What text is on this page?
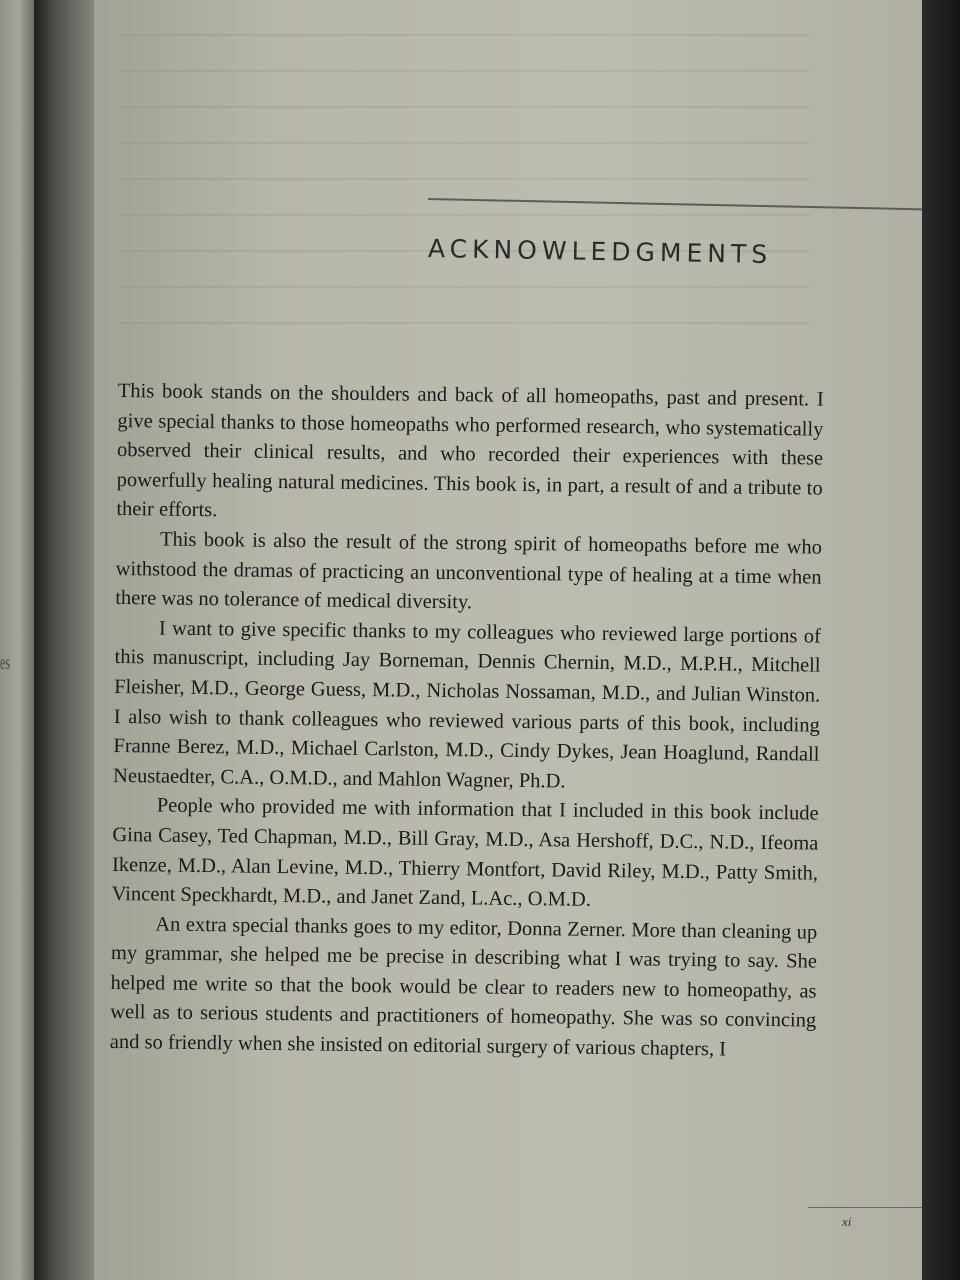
es
ACKNOWLEDGMENTS

This book stands on the shoulders and back of all homeopaths, past and present. I give special thanks to those homeopaths who performed research, who systematically observed their clinical results, and who recorded their experiences with these powerfully healing natural medicines. This book is, in part, a result of and a tribute to their efforts.

This book is also the result of the strong spirit of homeopaths before me who withstood the dramas of practicing an unconventional type of healing at a time when there was no tolerance of medical diversity.

I want to give specific thanks to my colleagues who reviewed large portions of this manuscript, including Jay Borneman, Dennis Chernin, M.D., M.P.H., Mitchell Fleisher, M.D., George Guess, M.D., Nicholas Nossaman, M.D., and Julian Winston. I also wish to thank colleagues who reviewed various parts of this book, including Franne Berez, M.D., Michael Carlston, M.D., Cindy Dykes, Jean Hoaglund, Randall Neustaedter, C.A., O.M.D., and Mahlon Wagner, Ph.D.

People who provided me with information that I included in this book include Gina Casey, Ted Chapman, M.D., Bill Gray, M.D., Asa Hershoff, D.C., N.D., Ifeoma Ikenze, M.D., Alan Levine, M.D., Thierry Montfort, David Riley, M.D., Patty Smith, Vincent Speckhardt, M.D., and Janet Zand, L.Ac., O.M.D.

An extra special thanks goes to my editor, Donna Zerner. More than cleaning up my grammar, she helped me be precise in describing what I was trying to say. She helped me write so that the book would be clear to readers new to homeopathy, as well as to serious students and practitioners of homeopathy. She was so convincing and so friendly when she insisted on editorial surgery of various chapters, I

xi
